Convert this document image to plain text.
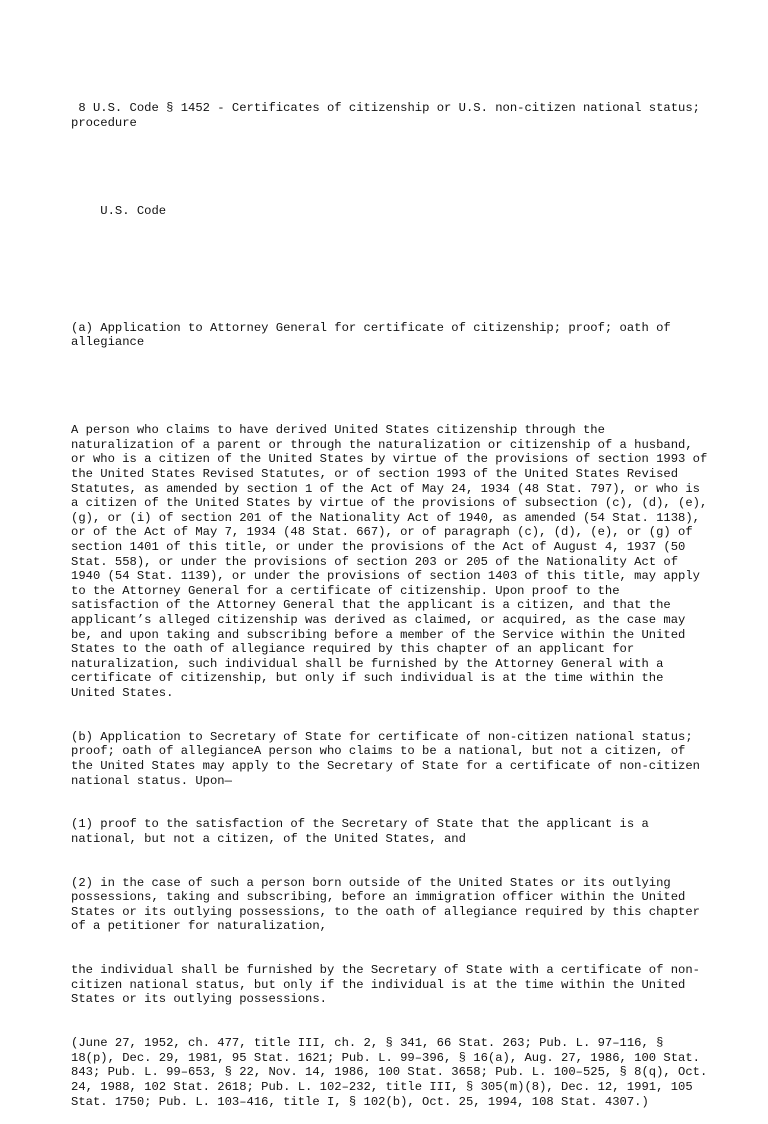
8 U.S. Code § 1452 - Certificates of citizenship or U.S. non-citizen national status; procedure

U.S. Code

(a) Application to Attorney General for certificate of citizenship; proof; oath of allegiance

A person who claims to have derived United States citizenship through the naturalization of a parent or through the naturalization or citizenship of a husband, or who is a citizen of the United States by virtue of the provisions of section 1993 of the United States Revised Statutes, or of section 1993 of the United States Revised Statutes, as amended by section 1 of the Act of May 24, 1934 (48 Stat. 797), or who is a citizen of the United States by virtue of the provisions of subsection (c), (d), (e), (g), or (i) of section 201 of the Nationality Act of 1940, as amended (54 Stat. 1138), or of the Act of May 7, 1934 (48 Stat. 667), or of paragraph (c), (d), (e), or (g) of section 1401 of this title, or under the provisions of the Act of August 4, 1937 (50 Stat. 558), or under the provisions of section 203 or 205 of the Nationality Act of 1940 (54 Stat. 1139), or under the provisions of section 1403 of this title, may apply to the Attorney General for a certificate of citizenship. Upon proof to the satisfaction of the Attorney General that the applicant is a citizen, and that the applicant’s alleged citizenship was derived as claimed, or acquired, as the case may be, and upon taking and subscribing before a member of the Service within the United States to the oath of allegiance required by this chapter of an applicant for naturalization, such individual shall be furnished by the Attorney General with a certificate of citizenship, but only if such individual is at the time within the United States.

(b) Application to Secretary of State for certificate of non-citizen national status; proof; oath of allegianceA person who claims to be a national, but not a citizen, of the United States may apply to the Secretary of State for a certificate of non-citizen national status. Upon—

(1) proof to the satisfaction of the Secretary of State that the applicant is a national, but not a citizen, of the United States, and

(2) in the case of such a person born outside of the United States or its outlying possessions, taking and subscribing, before an immigration officer within the United States or its outlying possessions, to the oath of allegiance required by this chapter of a petitioner for naturalization,

the individual shall be furnished by the Secretary of State with a certificate of non-citizen national status, but only if the individual is at the time within the United States or its outlying possessions.

(June 27, 1952, ch. 477, title III, ch. 2, § 341, 66 Stat. 263; Pub. L. 97–116, § 18(p), Dec. 29, 1981, 95 Stat. 1621; Pub. L. 99–396, § 16(a), Aug. 27, 1986, 100 Stat. 843; Pub. L. 99–653, § 22, Nov. 14, 1986, 100 Stat. 3658; Pub. L. 100–525, § 8(q), Oct. 24, 1988, 102 Stat. 2618; Pub. L. 102–232, title III, § 305(m)(8), Dec. 12, 1991, 105 Stat. 1750; Pub. L. 103–416, title I, § 102(b), Oct. 25, 1994, 108 Stat. 4307.)
